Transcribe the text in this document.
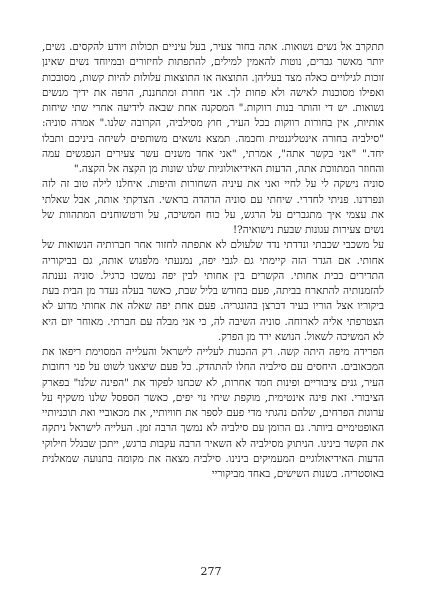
תתקרב אל נשים נשואות. אתה בחור צעיר, בעל עיניים תכולות ויודע להקסים. נשים, יותר מאשר גברים, נוטות להאמין למילים, להתפתות לחיזורים ובמיוחד נשים שאינן זוכות לגילויים כאלה מצד בעליהן. התוצאה או התוצאות עלולות להיות קשות, מסובכות ואפילו מסוכנות לאישה ולא פחות לך. אני חוזרת ומתחננת, הרפה את ידיך מנשים נשואות. יש די והותר בנות רווקות." המסקנה אחת שבאה לידיעה אחרי שתי שיחות אותיות, אין בחורות רווקות בכל העיר, חוץ מסילביה, הקרובה שלנו." אמרה סוניה: "סילביה בחורה אינטליגנטית וחכמה. תמצא נושאים משותפים לשיחה ביניכם ותבלו יחד." "אני בקשר אתה", אמרתי, "אני אחד משנים עשר צעירים הנפגשים עמה והחוזר המתווכת אתה, הדעות האידיאולוגיות שלנו שונות מן הקצה אל הקצה."

סוניה נישקה לי על לחיי ואני את עיניה השחורות והיפות. איחלנו לילה טוב זה לזה ונפרדנו. פניתי לחדרי. שיחתי עם סוניה הדהדה בראשי. הצדקתי אותה, אבל שאלתי את עצמי איך מתגברים על הרגש, על כוח המשיכה, על ורטשוחנים המתהוות של נשים צעירות עגונות שבעת נישואיה?!

על משכבי שכבתי ונדדתי נדד שלעולם לא אתפתה לחזור אחר חברותיה הנשואות של אחותי. אם הגדר הזה קיימתי גם לגבי יפה, נמנעתי מלפגוש אותה, גם בביקוריה התדירים בבית אחותי. הקשרים בין אחותי לבין יפה נמשכו כרגיל. סוניה נענתה להזמנותיה להתארח בביתה, פעם בחודש בליל שבת, כאשר בעלה נעדר מן הבית בעת ביקוריו אצל הוריו בעיר דברצן בהונגריה. פעם אחת יפה שאלה את אחותי מדוע לא הצטרפתי אליה לארוחה. סוניה השיבה לה, כי אני מבלה עם חברתי. מאוחר יום היא לא המשיכה לשאול. הנושא ירד מן הפרק.

הפרידה מיפה היתה קשה. רק ההכנות לעלייה לישראל והעלייה המסוימת ריפאו את המכאובים. היחסים עם סילביה החלו להתהדק. כל פעם שיצאנו לשוט על פני רחובות העיר, גנים ציבוריים ופינות חמד אחרות, לא שכחנו לפקוד את "הפינה שלנו" בפארק הציבורי. זאת פינה אינטימית, מוקפת שיחי נוי יפים, כאשר הספסל שלנו משקיף על ערוגות הפרחים, שלהם נהגתי מדי פעם לספר את חוויותיי, את מכאוביי ואת תוכניותיי האופטימיים ביותר. גם הרומן עם סילביה לא נמשך הרבה זמן. העלייה לישראל ניתקה את הקשר בינינו. הניתוק מסילביה לא השאיר הרבה עקבות ברגש, ייתכן שבגלל חילוקי הדעות האידיאולוגיים המעמיקים בינינו. סילביה מצאה את מקומה בתנועה שמאלנית באוסטריה. בשנות השישים, באחד מביקוריי

277
